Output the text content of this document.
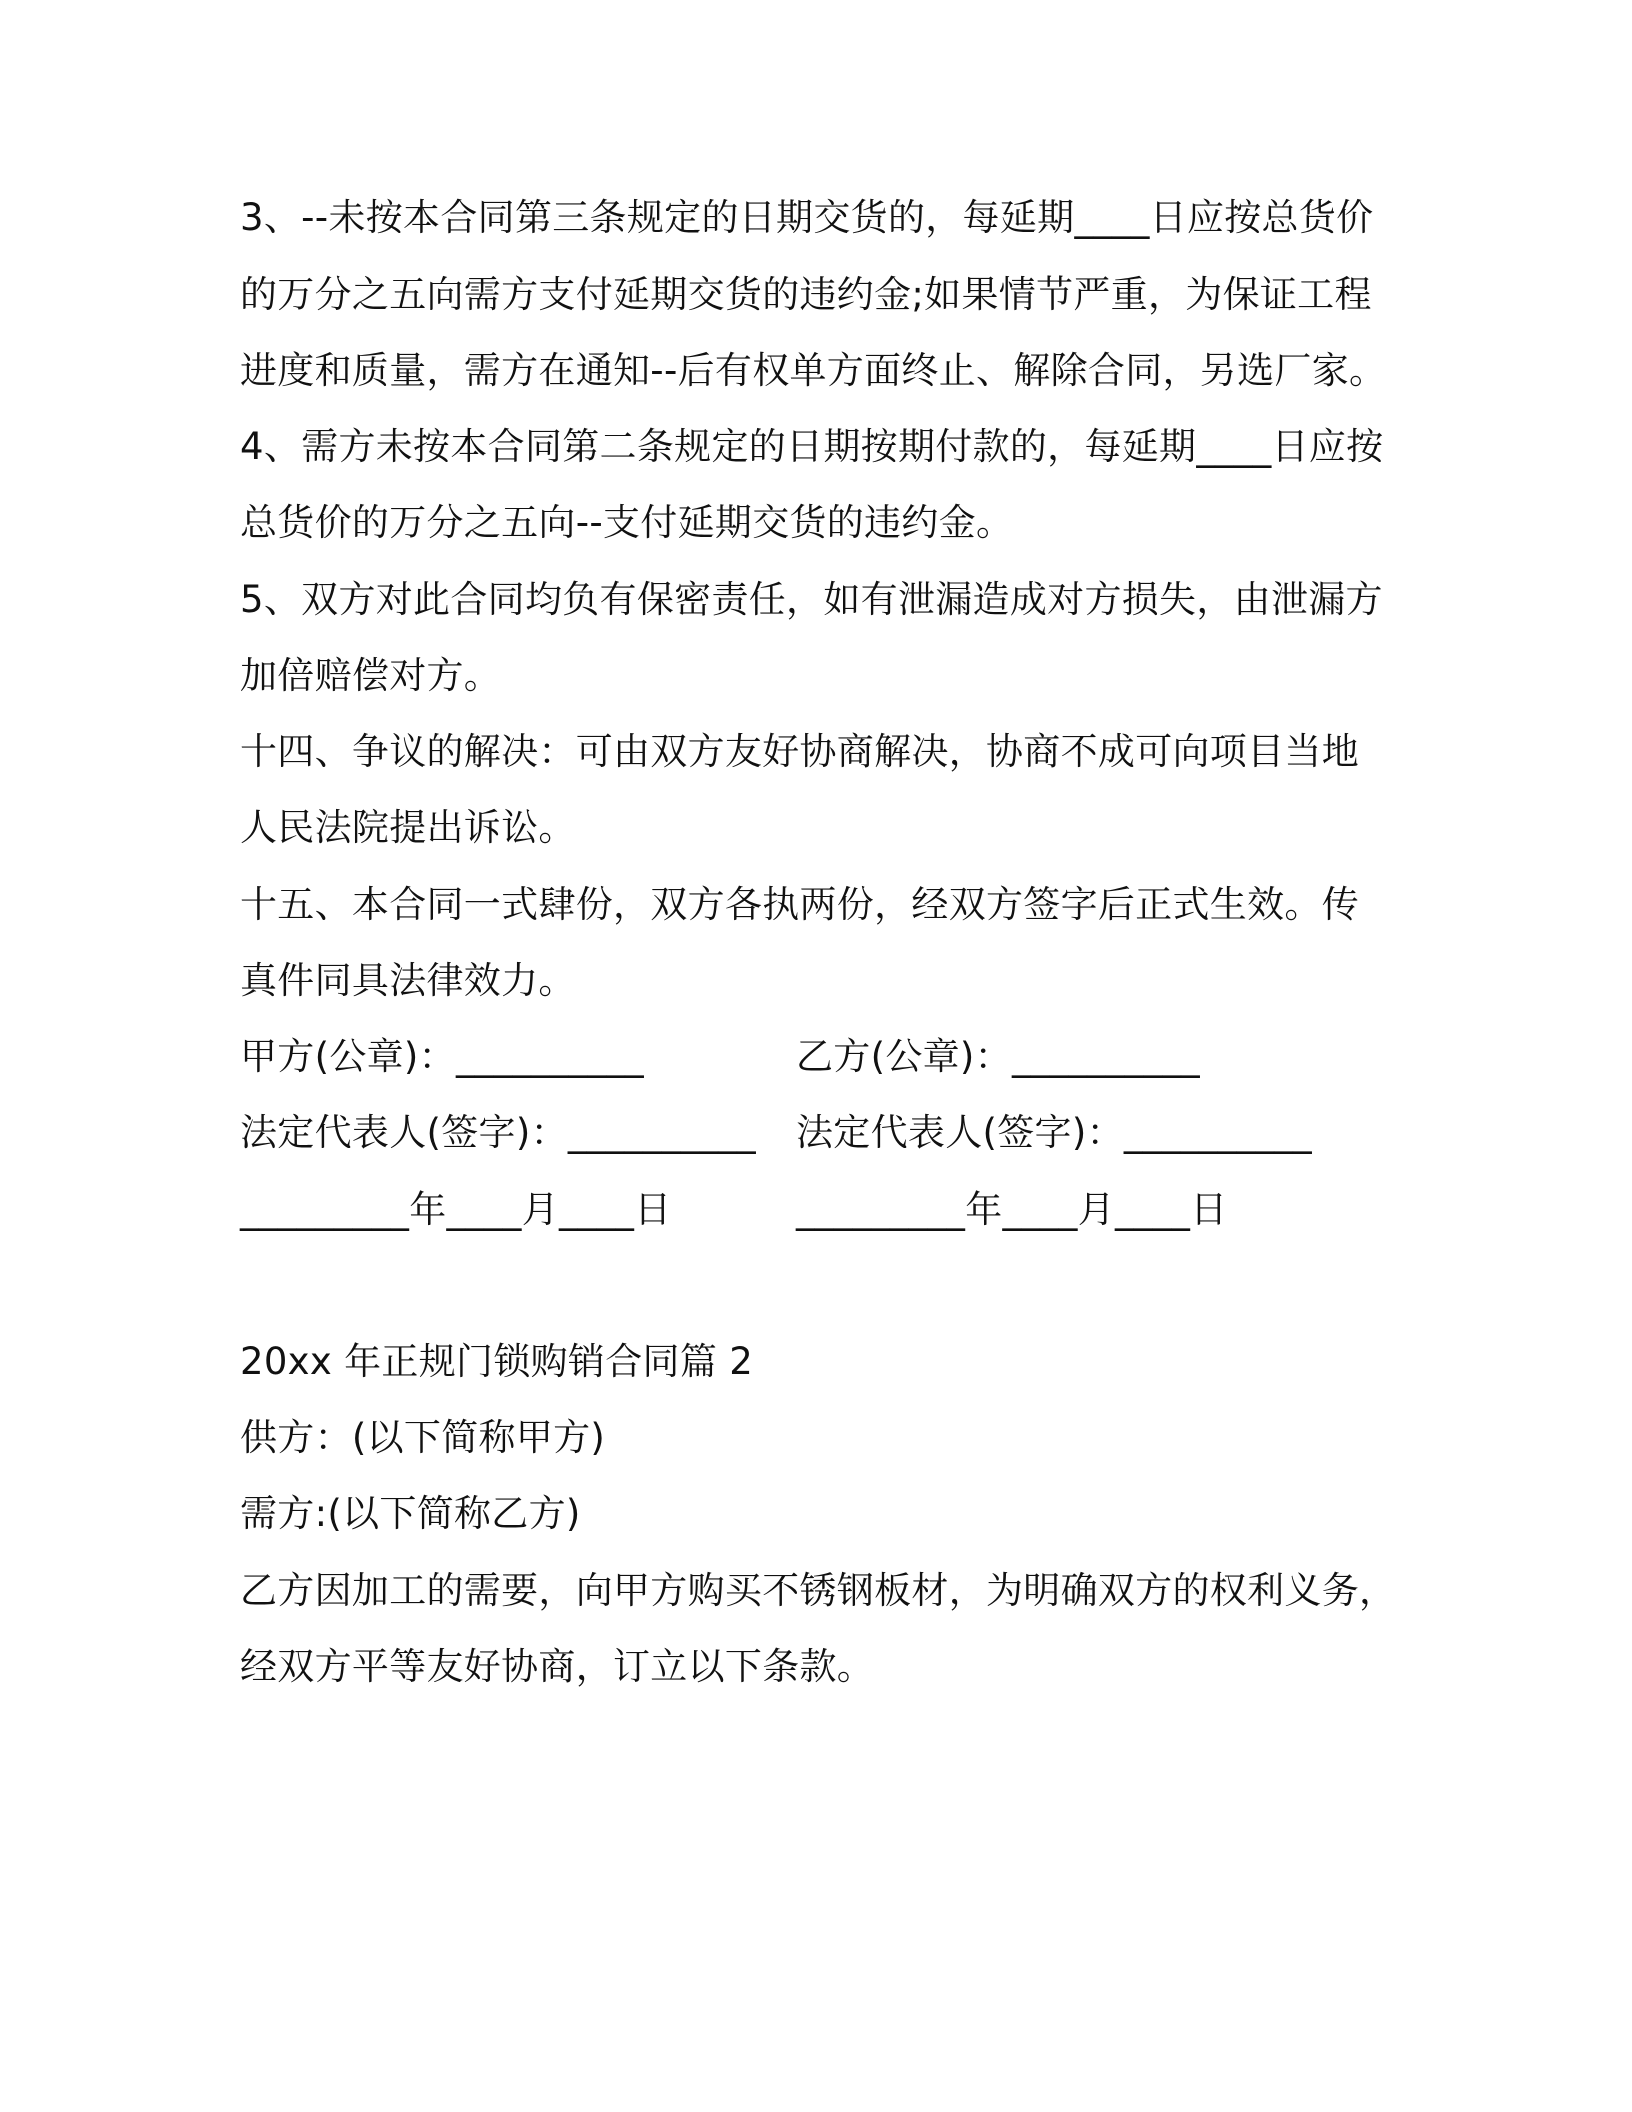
3、--未按本合同第三条规定的日期交货的，每延期____日应按总货价
的万分之五向需方支付延期交货的违约金;如果情节严重，为保证工程
进度和质量，需方在通知--后有权单方面终止、解除合同，另选厂家。
4、需方未按本合同第二条规定的日期按期付款的，每延期____日应按
总货价的万分之五向--支付延期交货的违约金。
5、双方对此合同均负有保密责任，如有泄漏造成对方损失，由泄漏方
加倍赔偿对方。
十四、争议的解决：可由双方友好协商解决，协商不成可向项目当地
人民法院提出诉讼。
十五、本合同一式肆份，双方各执两份，经双方签字后正式生效。传
真件同具法律效力。
甲方(公章)：__________	乙方(公章)：__________
法定代表人(签字)：__________ 法定代表人(签字)：__________
_________年____月____日	_________年____月____日
20xx 年正规门锁购销合同篇 2
供方：(以下简称甲方)
需方:(以下简称乙方)
乙方因加工的需要，向甲方购买不锈钢板材，为明确双方的权利义务，
经双方平等友好协商，订立以下条款。
